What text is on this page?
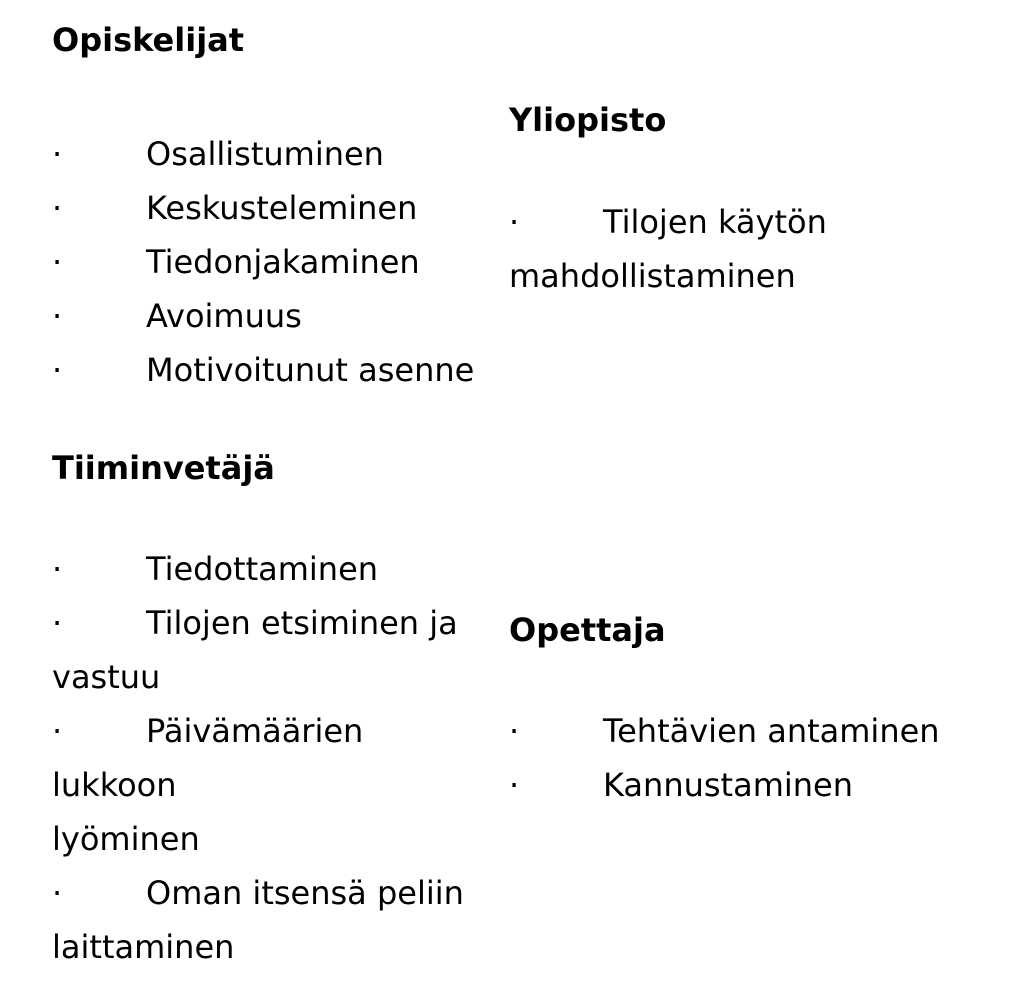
Opiskelijat
·	Osallistuminen
·	Keskusteleminen
·	Tiedonjakaminen
·	Avoimuus
·	Motivoitunut asenne
Tiiminvetäjä
·	Tiedottaminen
·	Tilojen etsiminen ja
vastuu
·	Päivämäärien
lukkoon
lyöminen
·	Oman itsensä peliin
laittaminen
Yliopisto
·	Tilojen käytön
mahdollistaminen
Opettaja
·	Tehtävien antaminen
·	Kannustaminen
